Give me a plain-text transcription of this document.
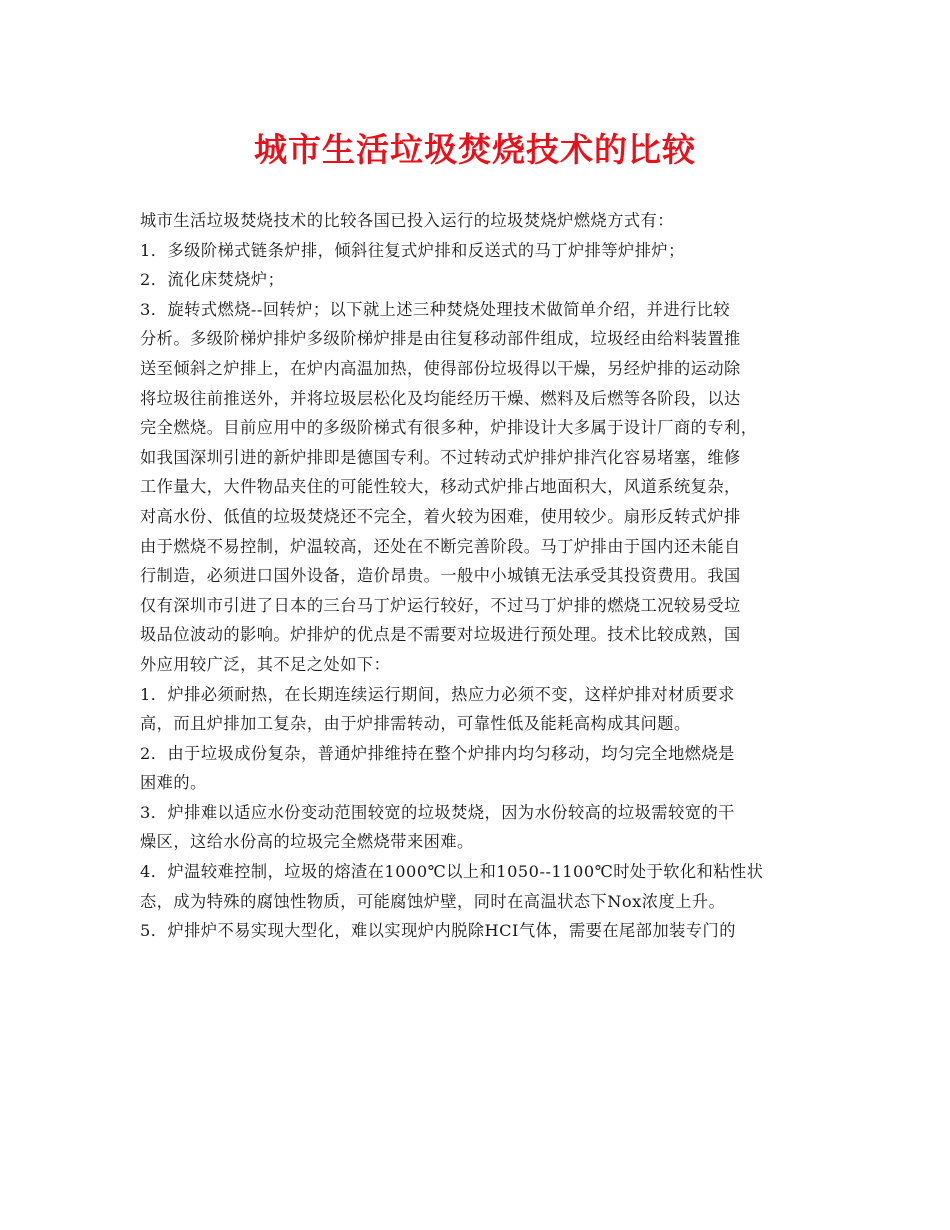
城市生活垃圾焚烧技术的比较

城市生活垃圾焚烧技术的比较各国已投入运行的垃圾焚烧炉燃烧方式有：

1．多级阶梯式链条炉排，倾斜往复式炉排和反送式的马丁炉排等炉排炉；

2．流化床焚烧炉；

3．旋转式燃烧--回转炉；以下就上述三种焚烧处理技术做简单介绍，并进行比较

分析。多级阶梯炉排炉多级阶梯炉排是由往复移动部件组成，垃圾经由给料装置推

送至倾斜之炉排上，在炉内高温加热，使得部份垃圾得以干燥，另经炉排的运动除

将垃圾往前推送外，并将垃圾层松化及均能经历干燥、燃料及后燃等各阶段，以达

完全燃烧。目前应用中的多级阶梯式有很多种，炉排设计大多属于设计厂商的专利，

如我国深圳引进的新炉排即是德国专利。不过转动式炉排炉排汽化容易堵塞，维修

工作量大，大件物品夹住的可能性较大，移动式炉排占地面积大，风道系统复杂，

对高水份、低值的垃圾焚烧还不完全，着火较为困难，使用较少。扇形反转式炉排

由于燃烧不易控制，炉温较高，还处在不断完善阶段。马丁炉排由于国内还未能自

行制造，必须进口国外设备，造价昂贵。一般中小城镇无法承受其投资费用。我国

仅有深圳市引进了日本的三台马丁炉运行较好，不过马丁炉排的燃烧工况较易受垃

圾品位波动的影响。炉排炉的优点是不需要对垃圾进行预处理。技术比较成熟，国

外应用较广泛，其不足之处如下：

1．炉排必须耐热，在长期连续运行期间，热应力必须不变，这样炉排对材质要求

高，而且炉排加工复杂，由于炉排需转动，可靠性低及能耗高构成其问题。

2．由于垃圾成份复杂，普通炉排维持在整个炉排内均匀移动，均匀完全地燃烧是

困难的。

3．炉排难以适应水份变动范围较宽的垃圾焚烧，因为水份较高的垃圾需较宽的干

燥区，这给水份高的垃圾完全燃烧带来困难。

4．炉温较难控制，垃圾的熔渣在1000℃以上和1050--1100℃时处于软化和粘性状

态，成为特殊的腐蚀性物质，可能腐蚀炉壁，同时在高温状态下Nox浓度上升。

5．炉排炉不易实现大型化，难以实现炉内脱除HCI气体，需要在尾部加装专门的
